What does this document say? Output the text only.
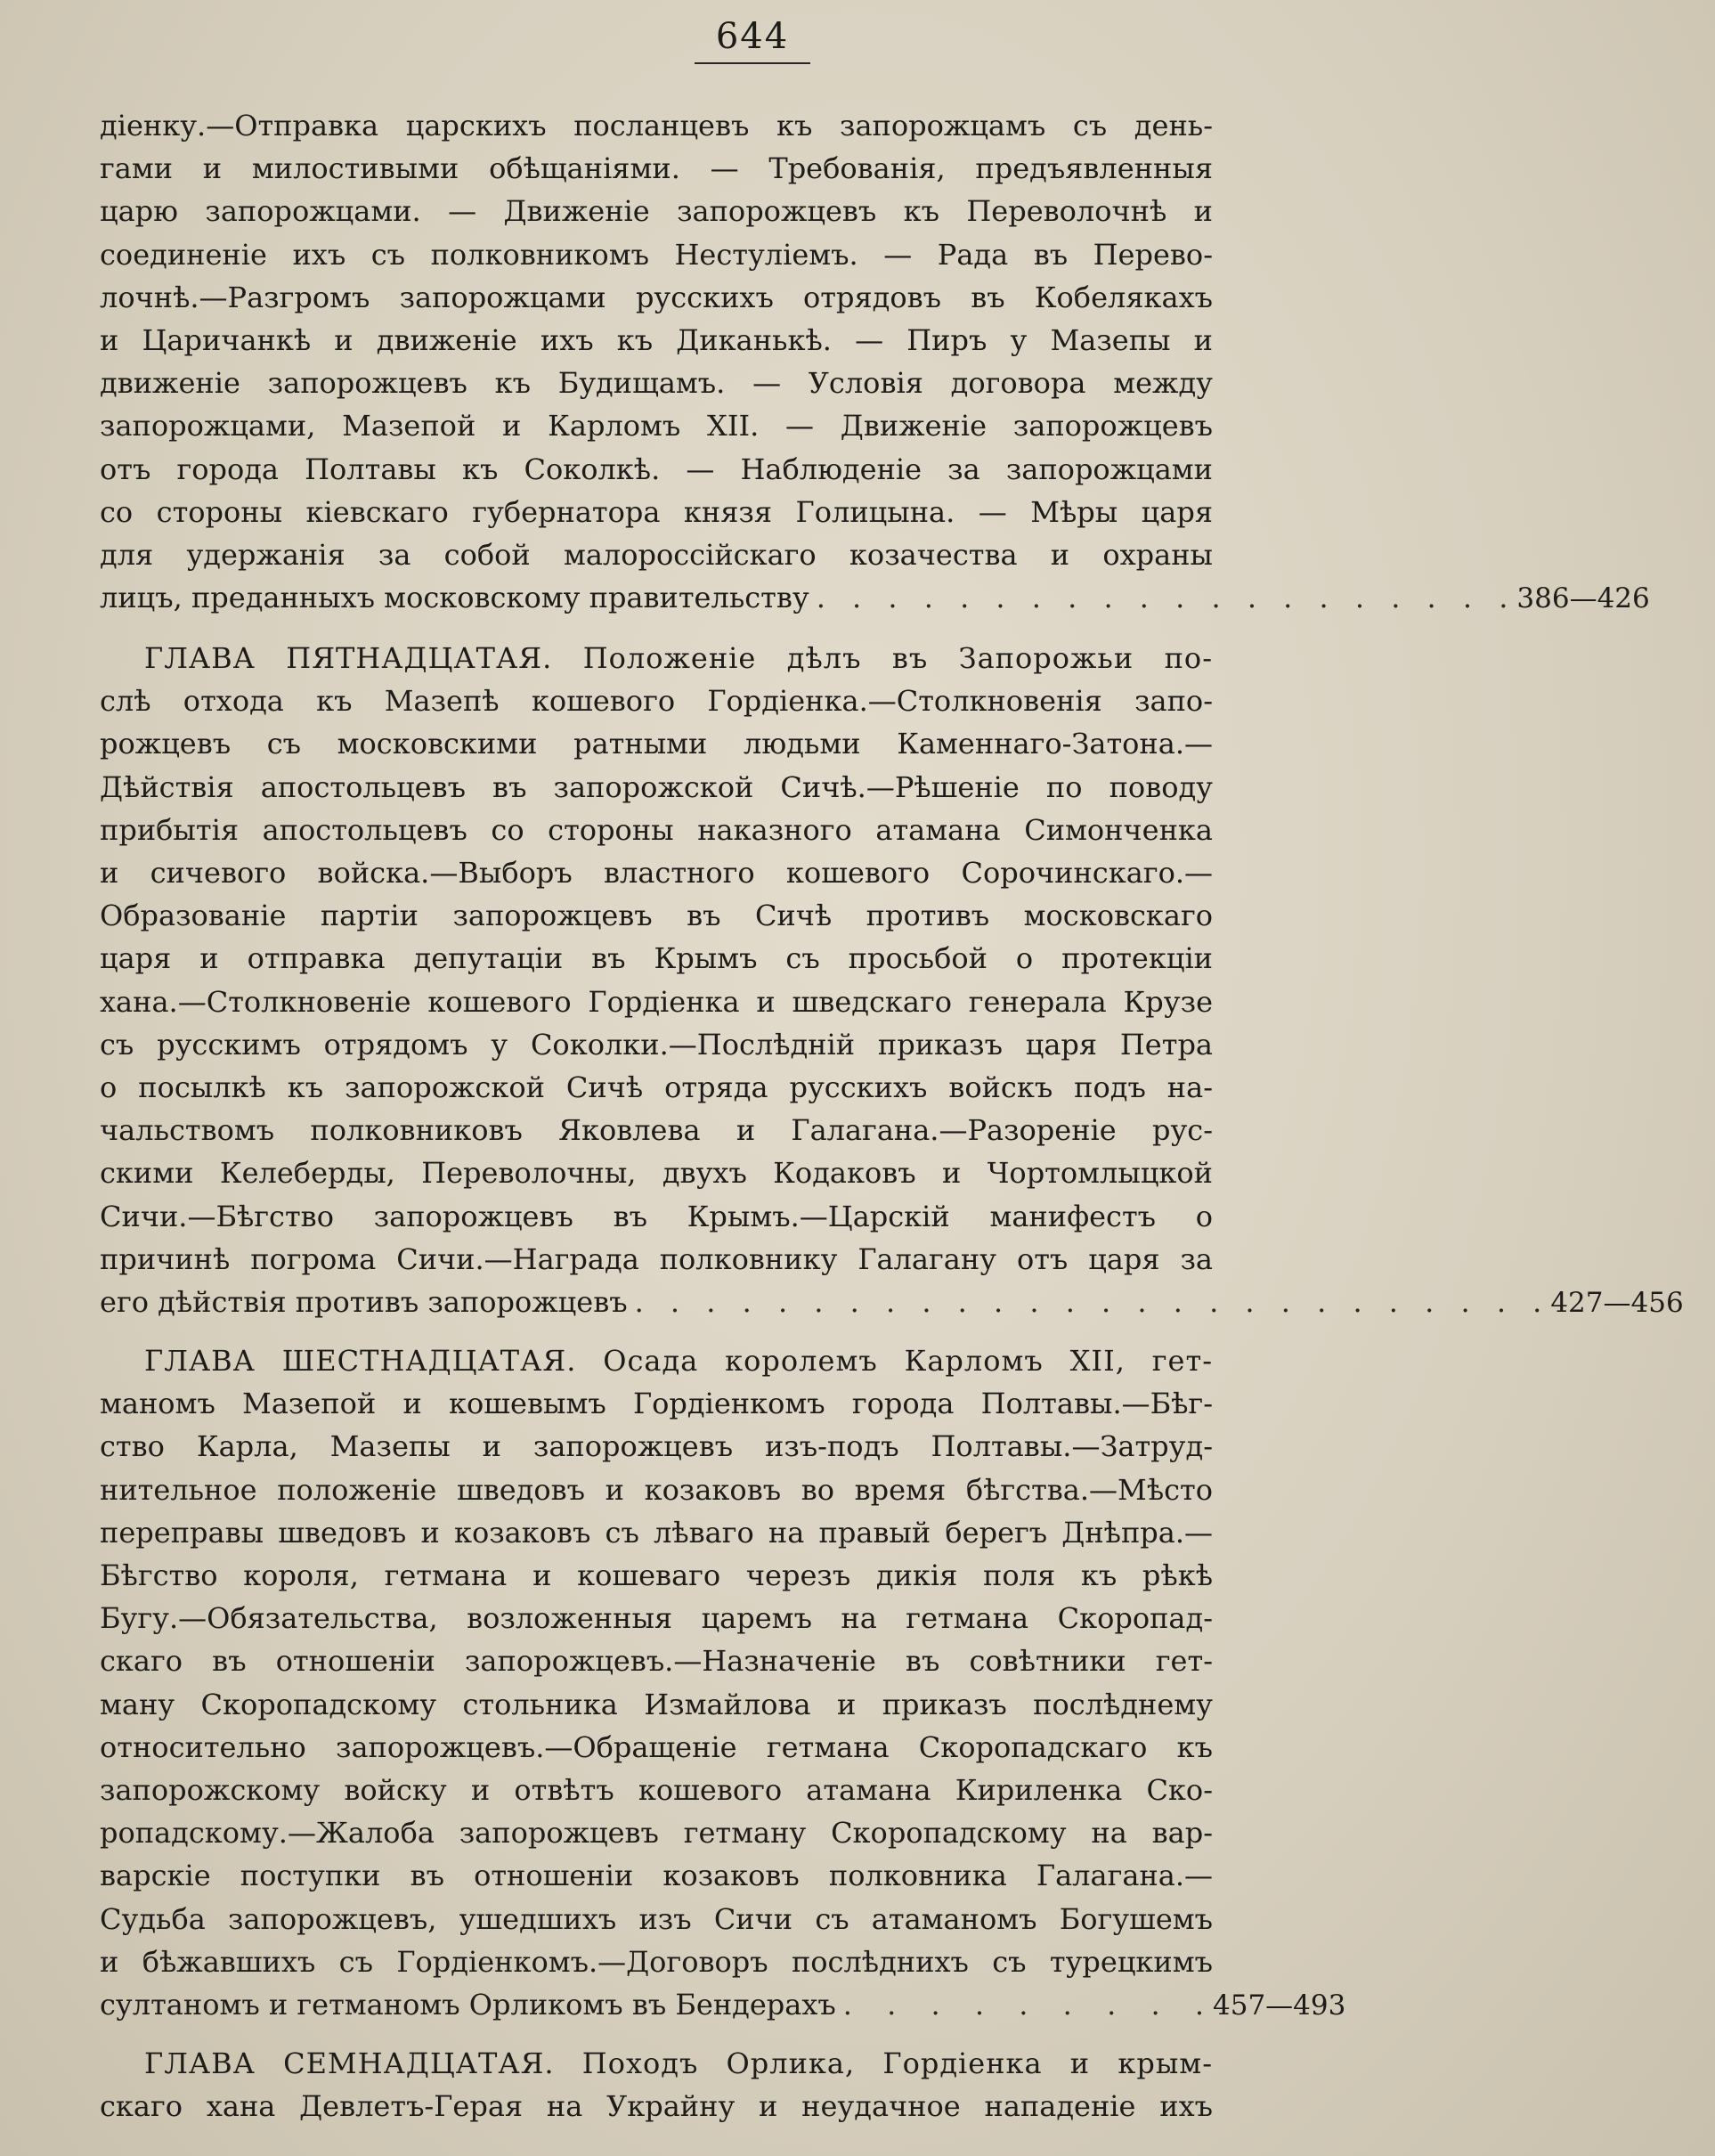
644
діенку.—Отправка царскихъ посланцевъ къ запорожцамъ съ день-
гами и милостивыми обѣщаніями. — Требованія, предъявленныя
царю запорожцами. — Движеніе запорожцевъ къ Переволочнѣ и
соединеніе ихъ съ полковникомъ Нестуліемъ. — Рада въ Перево-
лочнѣ.—Разгромъ запорожцами русскихъ отрядовъ въ Кобелякахъ
и Царичанкѣ и движеніе ихъ къ Диканькѣ. — Пиръ у Мазепы и
движеніе запорожцевъ къ Будищамъ. — Условія договора между
запорожцами, Мазепой и Карломъ XII. — Движеніе запорожцевъ
отъ города Полтавы къ Соколкѣ. — Наблюденіе за запорожцами
со стороны кіевскаго губернатора князя Голицына. — Мѣры царя
для удержанія за собой малороссійскаго козачества и охраны
лицъ, преданныхъ московскому правительству . . . . . . . . . . . . . . . . . . . . 386—426
ГЛАВА ПЯТНАДЦАТАЯ. Положеніе дѣлъ въ Запорожьи по-
слѣ отхода къ Мазепѣ кошевого Гордіенка.—Столкновенія запо-
рожцевъ съ московскими ратными людьми Каменнаго-Затона.—
Дѣйствія апостольцевъ въ запорожской Сичѣ.—Рѣшеніе по поводу
прибытія апостольцевъ со стороны наказного атамана Симонченка
и сичевого войска.—Выборъ властного кошевого Сорочинскаго.—
Образованіе партіи запорожцевъ въ Сичѣ противъ московскаго
царя и отправка депутаціи въ Крымъ съ просьбой о протекціи
хана.—Столкновеніе кошевого Гордіенка и шведскаго генерала Крузе
съ русскимъ отрядомъ у Соколки.—Послѣдній приказъ царя Петра
о посылкѣ къ запорожской Сичѣ отряда русскихъ войскъ подъ на-
чальствомъ полковниковъ Яковлева и Галагана.—Разореніе рус-
скими Келеберды, Переволочны, двухъ Кодаковъ и Чортомлыцкой
Сичи.—Бѣгство запорожцевъ въ Крымъ.—Царскій манифестъ о
причинѣ погрома Сичи.—Награда полковнику Галагану отъ царя за
его дѣйствія противъ запорожцевъ . . . . . . . . . . . . . . . . . . . . . . . . . . 427—456
ГЛАВА ШЕСТНАДЦАТАЯ. Осада королемъ Карломъ XII, гет-
маномъ Мазепой и кошевымъ Гордіенкомъ города Полтавы.—Бѣг-
ство Карла, Мазепы и запорожцевъ изъ-подъ Полтавы.—Затруд-
нительное положеніе шведовъ и козаковъ во время бѣгства.—Мѣсто
переправы шведовъ и козаковъ съ лѣваго на правый берегъ Днѣпра.—
Бѣгство короля, гетмана и кошеваго черезъ дикія поля къ рѣкѣ
Бугу.—Обязательства, возложенныя царемъ на гетмана Скоропад-
скаго въ отношеніи запорожцевъ.—Назначеніе въ совѣтники гет-
ману Скоропадскому стольника Измайлова и приказъ послѣднему
относительно запорожцевъ.—Обращеніе гетмана Скоропадскаго къ
запорожскому войску и отвѣтъ кошевого атамана Кириленка Ско-
ропадскому.—Жалоба запорожцевъ гетману Скоропадскому на вар-
варскіе поступки въ отношеніи козаковъ полковника Галагана.—
Судьба запорожцевъ, ушедшихъ изъ Сичи съ атаманомъ Богушемъ
и бѣжавшихъ съ Гордіенкомъ.—Договоръ послѣднихъ съ турецкимъ
султаномъ и гетманомъ Орликомъ въ Бендерахъ . . . . . . . . . 457—493
ГЛАВА СЕМНАДЦАТАЯ. Походъ Орлика, Гордіенка и крым-
скаго хана Девлетъ-Герая на Украйну и неудачное нападеніе ихъ
